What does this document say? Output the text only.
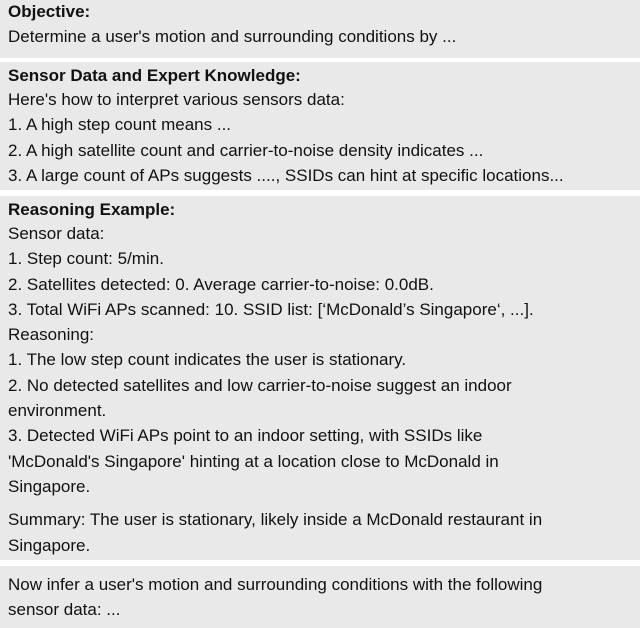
Objective:

Determine a user's motion and surrounding conditions by ...

Sensor Data and Expert Knowledge:

Here's how to interpret various sensors data:

1. A high step count means ...

2. A high satellite count and carrier-to-noise density indicates ...

3. A large count of APs suggests ...., SSIDs can hint at specific locations...

Reasoning Example:

Sensor data:

1. Step count: 5/min.

2. Satellites detected: 0. Average carrier-to-noise: 0.0dB.

3. Total WiFi APs scanned: 10. SSID list: [‘McDonald’s Singapore‘, ...].

Reasoning:

1. The low step count indicates the user is stationary.

2. No detected satellites and low carrier-to-noise suggest an indoor

environment.

3. Detected WiFi APs point to an indoor setting, with SSIDs like

'McDonald's Singapore' hinting at a location close to McDonald in

Singapore.

Summary: The user is stationary, likely inside a McDonald restaurant in

Singapore.

Now infer a user's motion and surrounding conditions with the following

sensor data: ...
